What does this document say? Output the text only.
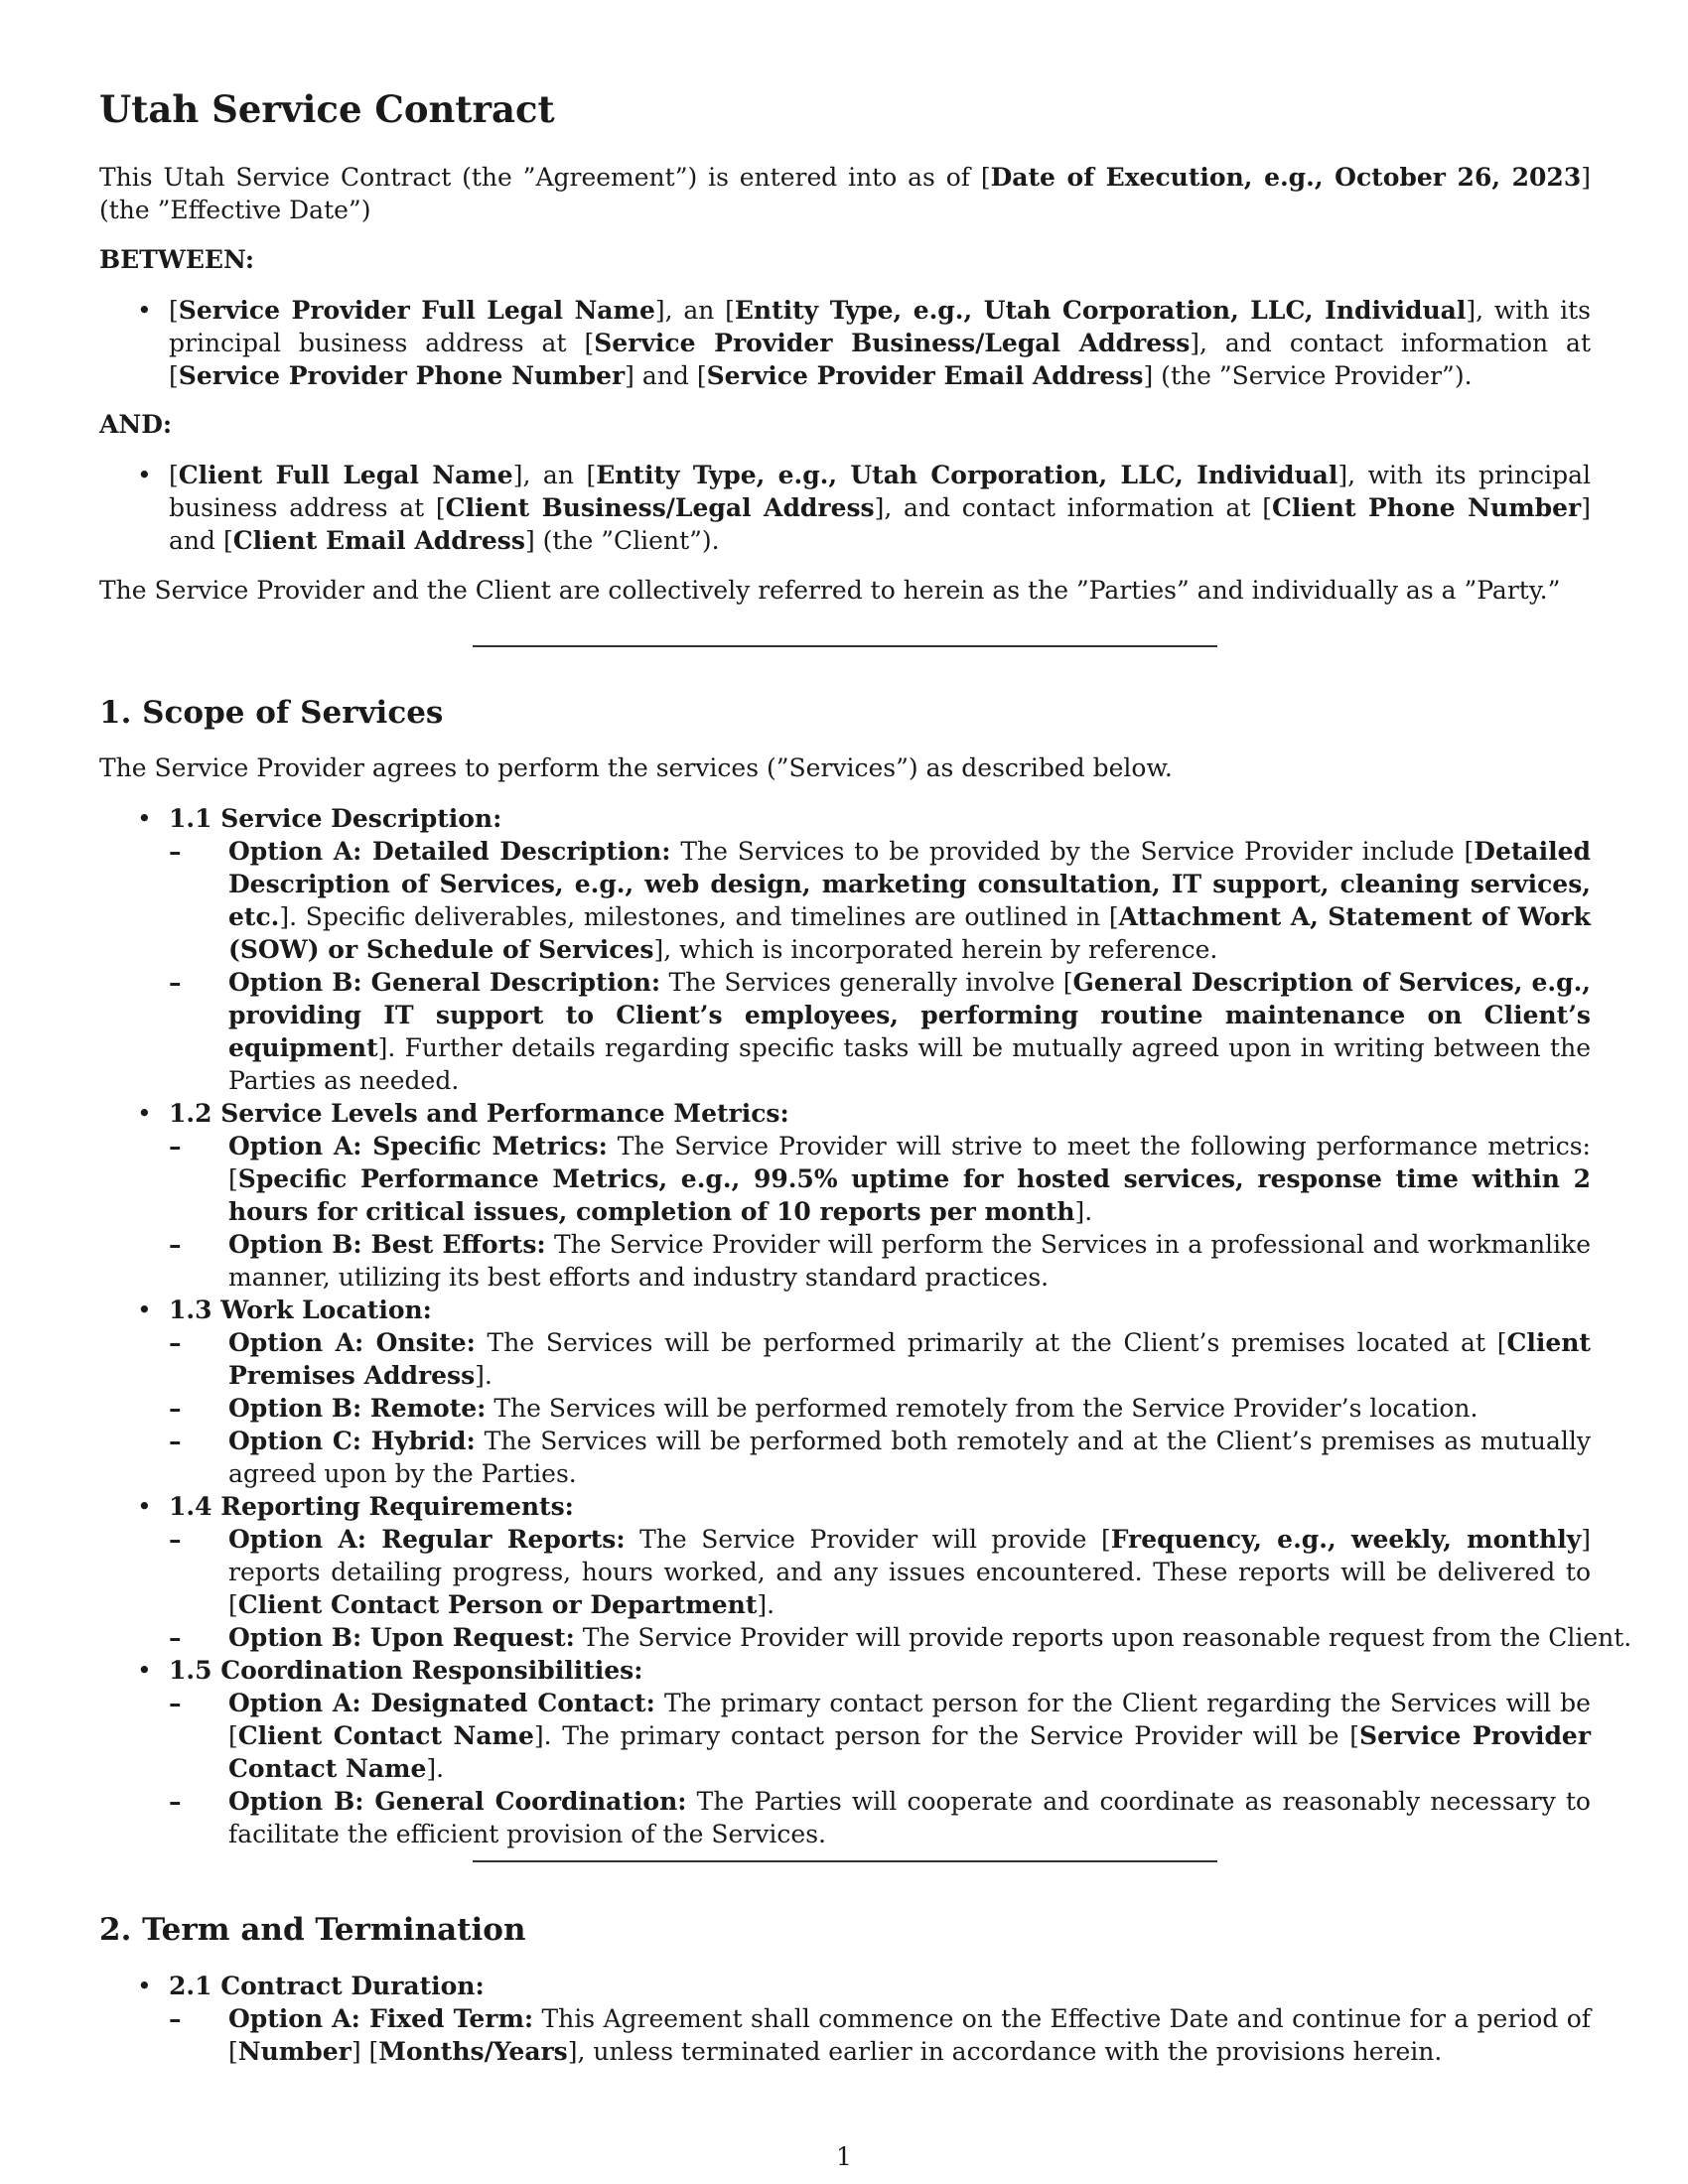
Utah Service Contract

This Utah Service Contract (the ”Agreement”) is entered into as of [Date of Execution, e.g., October 26, 2023] (the ”Effective Date”)

BETWEEN:

• [Service Provider Full Legal Name], an [Entity Type, e.g., Utah Corporation, LLC, Individual], with its principal business address at [Service Provider Business/Legal Address], and contact information at [Service Provider Phone Number] and [Service Provider Email Address] (the ”Service Provider”).

AND:

• [Client Full Legal Name], an [Entity Type, e.g., Utah Corporation, LLC, Individual], with its principal business address at [Client Business/Legal Address], and contact information at [Client Phone Number] and [Client Email Address] (the ”Client”).

The Service Provider and the Client are collectively referred to herein as the ”Parties” and individually as a ”Party.”

1. Scope of Services

The Service Provider agrees to perform the services (”Services”) as described below.

• 1.1 Service Description:
– Option A: Detailed Description: The Services to be provided by the Service Provider include [Detailed Description of Services, e.g., web design, marketing consultation, IT support, cleaning services, etc.]. Specific deliverables, milestones, and timelines are outlined in [Attachment A, Statement of Work (SOW) or Schedule of Services], which is incorporated herein by reference.
– Option B: General Description: The Services generally involve [General Description of Services, e.g., providing IT support to Client’s employees, performing routine maintenance on Client’s equipment]. Further details regarding specific tasks will be mutually agreed upon in writing between the Parties as needed.
• 1.2 Service Levels and Performance Metrics:
– Option A: Specific Metrics: The Service Provider will strive to meet the following performance metrics: [Specific Performance Metrics, e.g., 99.5% uptime for hosted services, response time within 2 hours for critical issues, completion of 10 reports per month].
– Option B: Best Efforts: The Service Provider will perform the Services in a professional and workmanlike manner, utilizing its best efforts and industry standard practices.
• 1.3 Work Location:
– Option A: Onsite: The Services will be performed primarily at the Client’s premises located at [Client Premises Address].
– Option B: Remote: The Services will be performed remotely from the Service Provider’s location.
– Option C: Hybrid: The Services will be performed both remotely and at the Client’s premises as mutually agreed upon by the Parties.
• 1.4 Reporting Requirements:
– Option A: Regular Reports: The Service Provider will provide [Frequency, e.g., weekly, monthly] reports detailing progress, hours worked, and any issues encountered. These reports will be delivered to [Client Contact Person or Department].
– Option B: Upon Request: The Service Provider will provide reports upon reasonable request from the Client.
• 1.5 Coordination Responsibilities:
– Option A: Designated Contact: The primary contact person for the Client regarding the Services will be [Client Contact Name]. The primary contact person for the Service Provider will be [Service Provider Contact Name].
– Option B: General Coordination: The Parties will cooperate and coordinate as reasonably necessary to facilitate the efficient provision of the Services.
2. Term and Termination
• 2.1 Contract Duration:
– Option A: Fixed Term: This Agreement shall commence on the Effective Date and continue for a period of [Number] [Months/Years], unless terminated earlier in accordance with the provisions herein.
1
